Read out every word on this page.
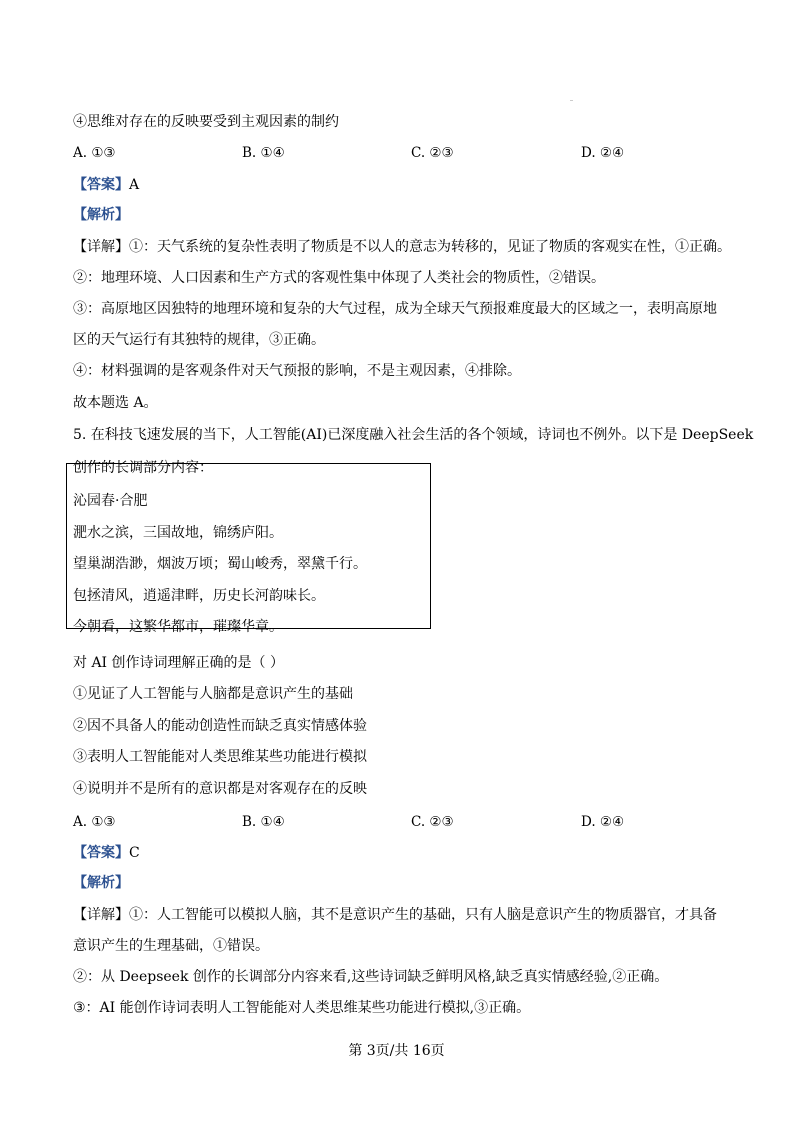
④思维对存在的反映要受到主观因素的制约
A. ①③	B. ①④	C. ②③	D. ②④
【答案】A
【解析】
【详解】①：天气系统的复杂性表明了物质是不以人的意志为转移的，见证了物质的客观实在性，①正确。
②：地理环境、人口因素和生产方式的客观性集中体现了人类社会的物质性，②错误。
③：高原地区因独特的地理环境和复杂的大气过程，成为全球天气预报难度最大的区域之一，表明高原地
区的天气运行有其独特的规律，③正确。
④：材料强调的是客观条件对天气预报的影响，不是主观因素，④排除。
故本题选 A。
5. 在科技飞速发展的当下，人工智能(AI)已深度融入社会生活的各个领域，诗词也不例外。以下是 DeepSeek
创作的长调部分内容：
沁园春·合肥
淝水之滨，三国故地，锦绣庐阳。
望巢湖浩渺，烟波万顷；蜀山峻秀，翠黛千行。
包拯清风，逍遥津畔，历史长河韵味长。
今朝看，这繁华都市，璀璨华章。
对 AI 创作诗词理解正确的是（ ）
①见证了人工智能与人脑都是意识产生的基础
②因不具备人的能动创造性而缺乏真实情感体验
③表明人工智能能对人类思维某些功能进行模拟
④说明并不是所有的意识都是对客观存在的反映
A. ①③	B. ①④	C. ②③	D. ②④
【答案】C
【解析】
【详解】①：人工智能可以模拟人脑，其不是意识产生的基础，只有人脑是意识产生的物质器官，才具备
意识产生的生理基础，①错误。
②：从 Deepseek 创作的长调部分内容来看,这些诗词缺乏鲜明风格,缺乏真实情感经验,②正确。
③：AI 能创作诗词表明人工智能能对人类思维某些功能进行模拟,③正确。
第 3页/共 16页
